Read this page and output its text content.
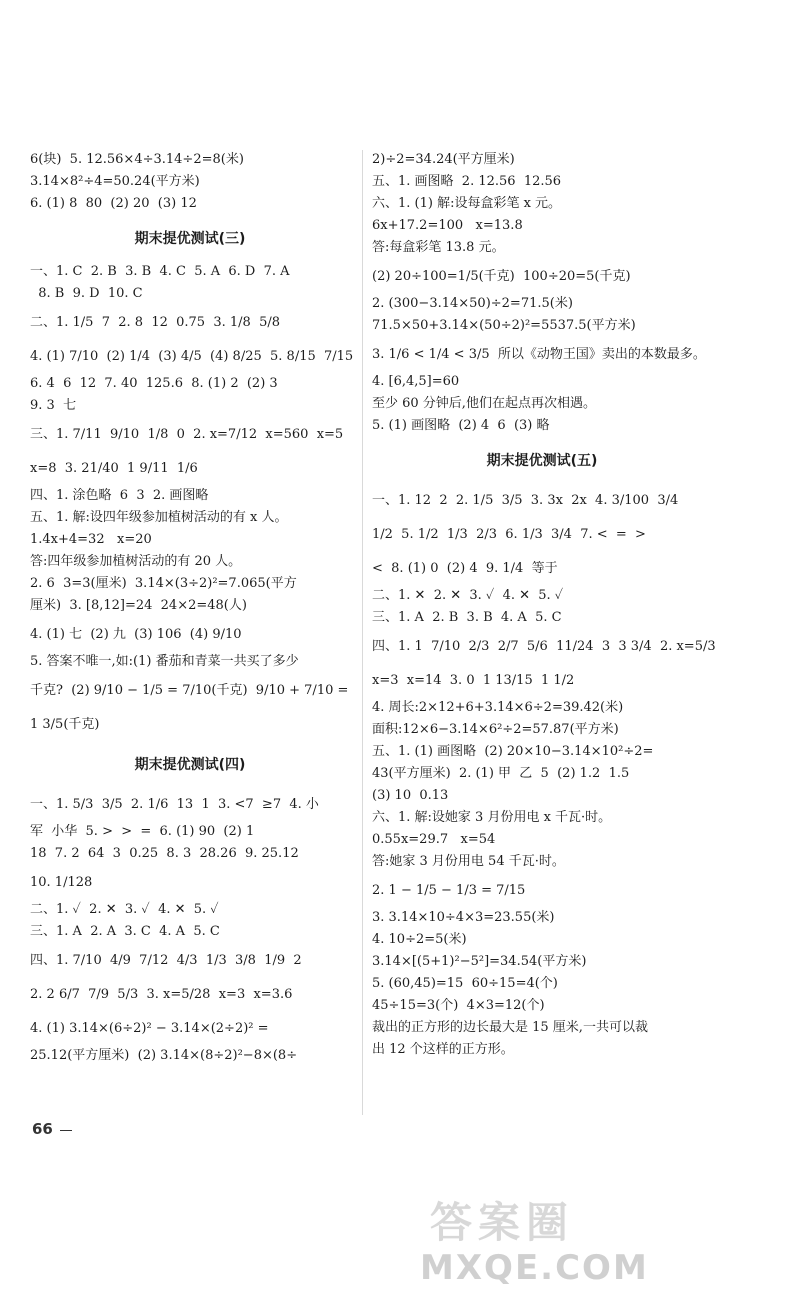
6(块)  5. 12.56×4÷3.14÷2=8(米)
3.14×8²÷4=50.24(平方米)
6. (1) 8  80  (2) 20  (3) 12
期末提优测试(三)
一、1. C  2. B  3. B  4. C  5. A  6. D  7. A
8. B  9. D  10. C
二、1. 1/5  7  2. 8  12  0.75  3. 1/8  5/8
4. (1) 7/10  (2) 1/4  (3) 4/5  (4) 8/25  5. 8/15  7/15
6. 4  6  12  7. 40  125.6  8. (1) 2  (2) 3
9. 3  七
三、1. 7/11  9/10  1/8  0  2. x=7/12  x=560  x=5
x=8  3. 21/40  1 9/11  1/6
四、1. 涂色略  6  3  2. 画图略
五、1. 解:设四年级参加植树活动的有 x 人。
1.4x+4=32   x=20
答:四年级参加植树活动的有 20 人。
2. 6  3=3(厘米)  3.14×(3÷2)²=7.065(平方
厘米)  3. [8,12]=24  24×2=48(人)
4. (1) 七  (2) 九  (3) 106  (4) 9/10
5. 答案不唯一,如:(1) 番茄和青菜一共买了多少
千克?  (2) 9/10 − 1/5 = 7/10(千克)  9/10 + 7/10 =
1 3/5(千克)
期末提优测试(四)
一、1. 5/3  3/5  2. 1/6  13  1  3. <7  ≥7  4. 小
军  小华  5. >  >  =  6. (1) 90  (2) 1
18  7. 2  64  3  0.25  8. 3  28.26  9. 25.12
10. 1/128
二、1. ✓  2. ✕  3. ✓  4. ✕  5. ✓
三、1. A  2. A  3. C  4. A  5. C
四、1. 7/10  4/9  7/12  4/3  1/3  3/8  1/9  2
2. 2 6/7  7/9  5/3  3. x=5/28  x=3  x=3.6
4. (1) 3.14×(6÷2)² − 3.14×(2÷2)² =
25.12(平方厘米)  (2) 3.14×(8÷2)²−8×(8÷
2)÷2=34.24(平方厘米)
五、1. 画图略  2. 12.56  12.56
六、1. (1) 解:设每盒彩笔 x 元。
6x+17.2=100   x=13.8
答:每盒彩笔 13.8 元。
(2) 20÷100=1/5(千克)  100÷20=5(千克)
2. (300−3.14×50)÷2=71.5(米)
71.5×50+3.14×(50÷2)²=5537.5(平方米)
3. 1/6 < 1/4 < 3/5  所以《动物王国》卖出的本数最多。
4. [6,4,5]=60
至少 60 分钟后,他们在起点再次相遇。
5. (1) 画图略  (2) 4  6  (3) 略
期末提优测试(五)
一、1. 12  2  2. 1/5  3/5  3. 3x  2x  4. 3/100  3/4
1/2  5. 1/2  1/3  2/3  6. 1/3  3/4  7. <  =  >
<  8. (1) 0  (2) 4  9. 1/4  等于
二、1. ✕  2. ✕  3. ✓  4. ✕  5. ✓
三、1. A  2. B  3. B  4. A  5. C
四、1. 1  7/10  2/3  2/7  5/6  11/24  3  3 3/4  2. x=5/3
x=3  x=14  3. 0  1 13/15  1 1/2
4. 周长:2×12+6+3.14×6÷2=39.42(米)
面积:12×6−3.14×6²÷2=57.87(平方米)
五、1. (1) 画图略  (2) 20×10−3.14×10²÷2=
43(平方厘米)  2. (1) 甲  乙  5  (2) 1.2  1.5
(3) 10  0.13
六、1. 解:设她家 3 月份用电 x 千瓦·时。
0.55x=29.7   x=54
答:她家 3 月份用电 54 千瓦·时。
2. 1 − 1/5 − 1/3 = 7/15
3. 3.14×10÷4×3=23.55(米)
4. 10÷2=5(米)
3.14×[(5+1)²−5²]=34.54(平方米)
5. (60,45)=15  60÷15=4(个)
45÷15=3(个)  4×3=12(个)
裁出的正方形的边长最大是 15 厘米,一共可以裁
出 12 个这样的正方形。
66
答案圈
MXQE.COM
